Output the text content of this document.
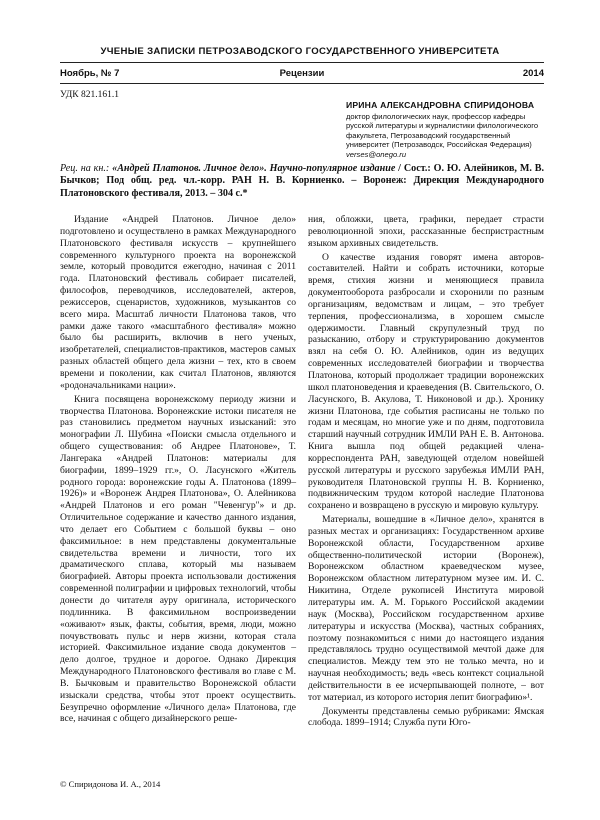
УЧЕНЫЕ ЗАПИСКИ ПЕТРОЗАВОДСКОГО ГОСУДАРСТВЕННОГО УНИВЕРСИТЕТА
Ноябрь, № 7	Рецензии	2014
УДК 821.161.1
ИРИНА АЛЕКСАНДРОВНА СПИРИДОНОВА
доктор филологических наук, профессор кафедры русской литературы и журналистики филологического факультета, Петрозаводский государственный университет (Петрозаводск, Российская Федерация)
verses@onego.ru
Рец. на кн.: «Андрей Платонов. Личное дело». Научно-популярное издание / Сост.: О. Ю. Алейников, М. В. Бычков; Под общ. ред. чл.-корр. РАН Н. В. Корниенко. – Воронеж: Дирекция Международного Платоновского фестиваля, 2013. – 304 с.*

Издание «Андрей Платонов. Личное дело» подготовлено и осуществлено в рамках Международного Платоновского фестиваля искусств – крупнейшего современного культурного проекта на воронежской земле, который проводится ежегодно, начиная с 2011 года. Платоновский фестиваль собирает писателей, философов, переводчиков, исследователей, актеров, режиссеров, сценаристов, художников, музыкантов со всего мира. Масштаб личности Платонова таков, что рамки даже такого «масштабного фестиваля» можно было бы расширить, включив в него ученых, изобретателей, специалистов-практиков, мастеров самых разных областей общего дела жизни – тех, кто в своем времени и поколении, как считал Платонов, являются «родоначальниками нации».

Книга посвящена воронежскому периоду жизни и творчества Платонова. Воронежские истоки писателя не раз становились предметом научных изысканий: это монографии Л. Шубина «Поиски смысла отдельного и общего существования: об Андрее Платонове», Т. Лангерака «Андрей Платонов: материалы для биографии, 1899–1929 гг.», О. Ласунского «Житель родного города: воронежские годы А. Платонова (1899–1926)» и «Воронеж Андрея Платонова», О. Алейникова «Андрей Платонов и его роман "Чевенгур"» и др. Отличительное содержание и качество данного издания, что делает его Событием с большой буквы – оно факсимильное: в нем представлены документальные свидетельства времени и личности, того их драматического сплава, который мы называем биографией. Авторы проекта использовали достижения современной полиграфии и цифровых технологий, чтобы донести до читателя ауру оригинала, исторического подлинника. В факсимильном воспроизведении «оживают» язык, факты, события, время, люди, можно почувствовать пульс и нерв жизни, которая стала историей. Факсимильное издание свода документов – дело долгое, трудное и дорогое. Однако Дирекция Международного Платоновского фестиваля во главе с М. В. Бычковым и правительство Воронежской области изыскали средства, чтобы этот проект осуществить. Безупречно оформление «Личного дела» Платонова, где все, начиная с общего дизайнерского реше-

ния, обложки, цвета, графики, передает страсти революционной эпохи, рассказанные беспристрастным языком архивных свидетельств.

О качестве издания говорят имена авторов-составителей. Найти и собрать источники, которые время, стихия жизни и меняющиеся правила документооборота разбросали и схоронили по разным организациям, ведомствам и лицам, – это требует терпения, профессионализма, в хорошем смысле одержимости. Главный скрупулезный труд по разысканию, отбору и структурированию документов взял на себя О. Ю. Алейников, один из ведущих современных исследователей биографии и творчества Платонова, который продолжает традиции воронежских школ платоноведения и краеведения (В. Свительского, О. Ласунского, В. Акулова, Т. Никоновой и др.). Хронику жизни Платонова, где события расписаны не только по годам и месяцам, но многие уже и по дням, подготовила старший научный сотрудник ИМЛИ РАН Е. В. Антонова. Книга вышла под общей редакцией члена-корреспондента РАН, заведующей отделом новейшей русской литературы и русского зарубежья ИМЛИ РАН, руководителя Платоновской группы Н. В. Корниенко, подвижническим трудом которой наследие Платонова сохранено и возвращено в русскую и мировую культуру.

Материалы, вошедшие в «Личное дело», хранятся в разных местах и организациях: Государственном архиве Воронежской области, Государственном архиве общественно-политической истории (Воронеж), Воронежском областном краеведческом музее, Воронежском областном литературном музее им. И. С. Никитина, Отделе рукописей Института мировой литературы им. А. М. Горького Российской академии наук (Москва), Российском государственном архиве литературы и искусства (Москва), частных собраниях, поэтому познакомиться с ними до настоящего издания представлялось трудно осуществимой мечтой даже для специалистов. Между тем это не только мечта, но и научная необходимость; ведь «весь контекст социальной действительности в ее исчерпывающей полноте, – вот тот материал, из которого история лепит биографию»¹.

Документы представлены семью рубриками: Ямская слобода. 1899–1914; Служба пути Юго-

© Спиридонова И. А., 2014
